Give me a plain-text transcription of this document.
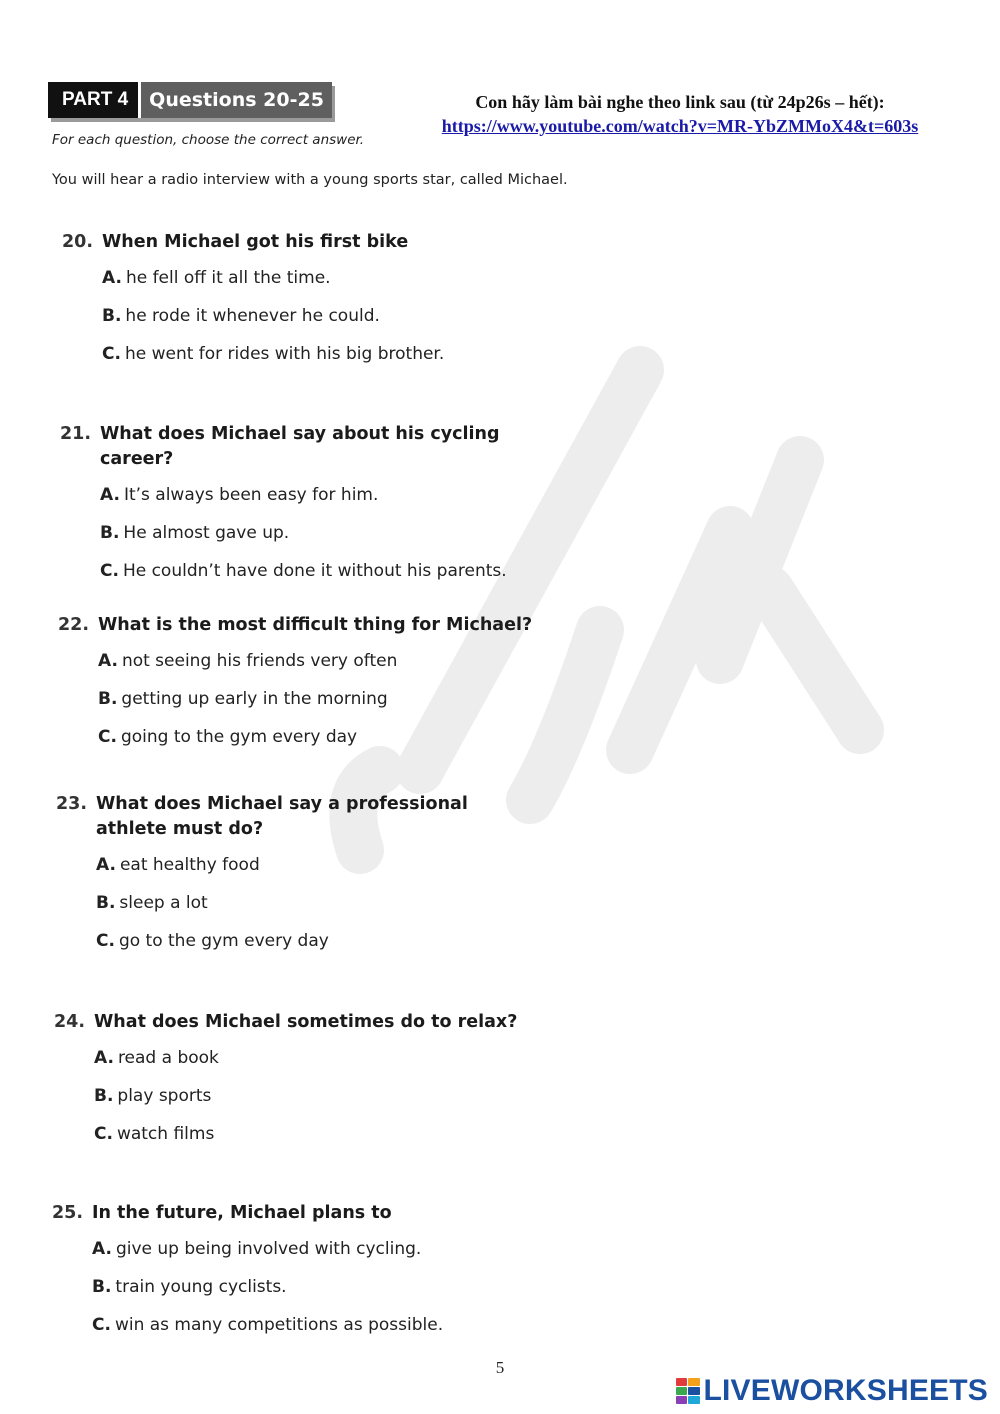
PART 4	Questions 20-25
For each question, choose the correct answer.
You will hear a radio interview with a young sports star, called Michael.
Con hãy làm bài nghe theo link sau (từ 24p26s – hết):
https://www.youtube.com/watch?v=MR-YbZMMoX4&t=603s
20. When Michael got his first bike
A. he fell off it all the time.
B. he rode it whenever he could.
C. he went for rides with his big brother.
21. What does Michael say about his cycling career?
A. It’s always been easy for him.
B. He almost gave up.
C. He couldn’t have done it without his parents.
22. What is the most difficult thing for Michael?
A. not seeing his friends very often
B. getting up early in the morning
C. going to the gym every day
23. What does Michael say a professional athlete must do?
A. eat healthy food
B. sleep a lot
C. go to the gym every day
24. What does Michael sometimes do to relax?
A. read a book
B. play sports
C. watch films
25. In the future, Michael plans to
A. give up being involved with cycling.
B. train young cyclists.
C. win as many competitions as possible.
5
LIVEWORKSHEETS
